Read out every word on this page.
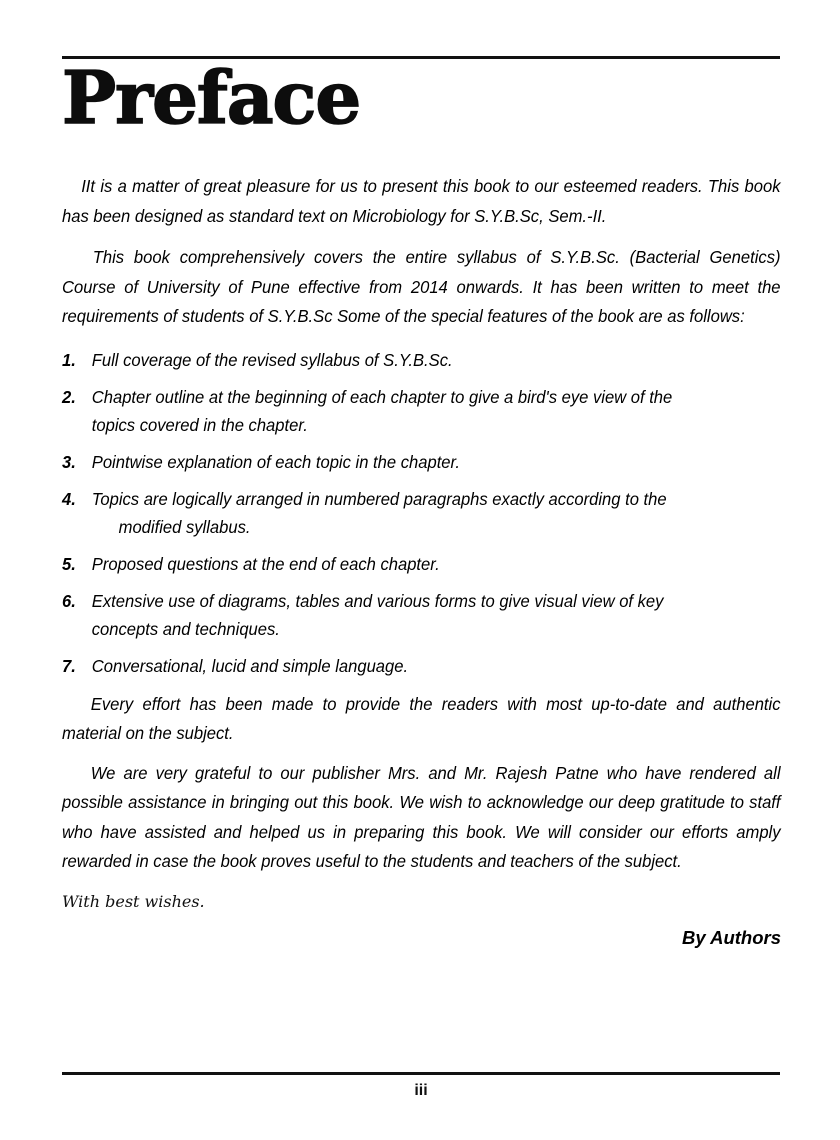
Preface

IIt is a matter of great pleasure for us to present this book to our esteemed readers. This book has been designed as standard text on Microbiology for S.Y.B.Sc, Sem.-II.

This book comprehensively covers the entire syllabus of S.Y.B.Sc. (Bacterial Genetics) Course of University of Pune effective from 2014 onwards. It has been written to meet the requirements of students of S.Y.B.Sc Some of the special features of the book are as follows:

1. Full coverage of the revised syllabus of S.Y.B.Sc.
2. Chapter outline at the beginning of each chapter to give a bird's eye view of the
topics covered in the chapter.
3. Pointwise explanation of each topic in the chapter.
4. Topics are logically arranged in numbered paragraphs exactly according to the
modified syllabus.
5. Proposed questions at the end of each chapter.
6. Extensive use of diagrams, tables and various forms to give visual view of key
concepts and techniques.
7. Conversational, lucid and simple language.

Every effort has been made to provide the readers with most up-to-date and authentic material on the subject.

We are very grateful to our publisher Mrs. and Mr. Rajesh Patne who have rendered all possible assistance in bringing out this book. We wish to acknowledge our deep gratitude to staff who have assisted and helped us in preparing this book. We will consider our efforts amply rewarded in case the book proves useful to the students and teachers of the subject.

With best wishes.

By Authors

iii
